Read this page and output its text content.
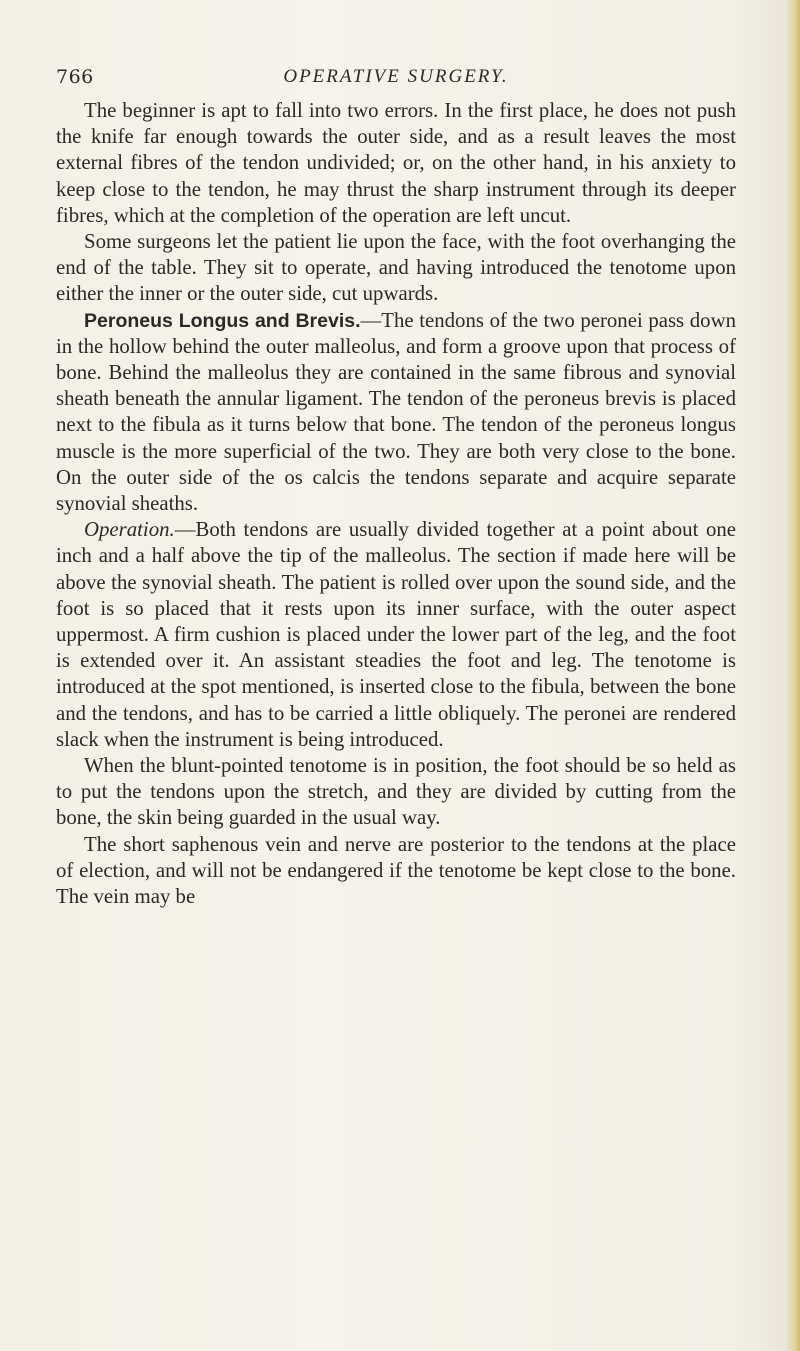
766	OPERATIVE SURGERY.

The beginner is apt to fall into two errors. In the first place, he does not push the knife far enough towards the outer side, and as a result leaves the most external fibres of the tendon undivided; or, on the other hand, in his anxiety to keep close to the tendon, he may thrust the sharp instrument through its deeper fibres, which at the completion of the operation are left uncut.

Some surgeons let the patient lie upon the face, with the foot overhanging the end of the table. They sit to operate, and having introduced the tenotome upon either the inner or the outer side, cut upwards.

Peroneus Longus and Brevis.—The tendons of the two peronei pass down in the hollow behind the outer malleolus, and form a groove upon that process of bone. Behind the malleolus they are contained in the same fibrous and synovial sheath beneath the annular ligament. The tendon of the peroneus brevis is placed next to the fibula as it turns below that bone. The tendon of the peroneus longus muscle is the more superficial of the two. They are both very close to the bone. On the outer side of the os calcis the tendons separate and acquire separate synovial sheaths.

Operation.—Both tendons are usually divided together at a point about one inch and a half above the tip of the malleolus. The section if made here will be above the synovial sheath. The patient is rolled over upon the sound side, and the foot is so placed that it rests upon its inner surface, with the outer aspect uppermost. A firm cushion is placed under the lower part of the leg, and the foot is extended over it. An assistant steadies the foot and leg. The tenotome is introduced at the spot mentioned, is inserted close to the fibula, between the bone and the tendons, and has to be carried a little obliquely. The peronei are rendered slack when the instrument is being introduced.

When the blunt-pointed tenotome is in position, the foot should be so held as to put the tendons upon the stretch, and they are divided by cutting from the bone, the skin being guarded in the usual way.

The short saphenous vein and nerve are posterior to the tendons at the place of election, and will not be endangered if the tenotome be kept close to the bone. The vein may be
